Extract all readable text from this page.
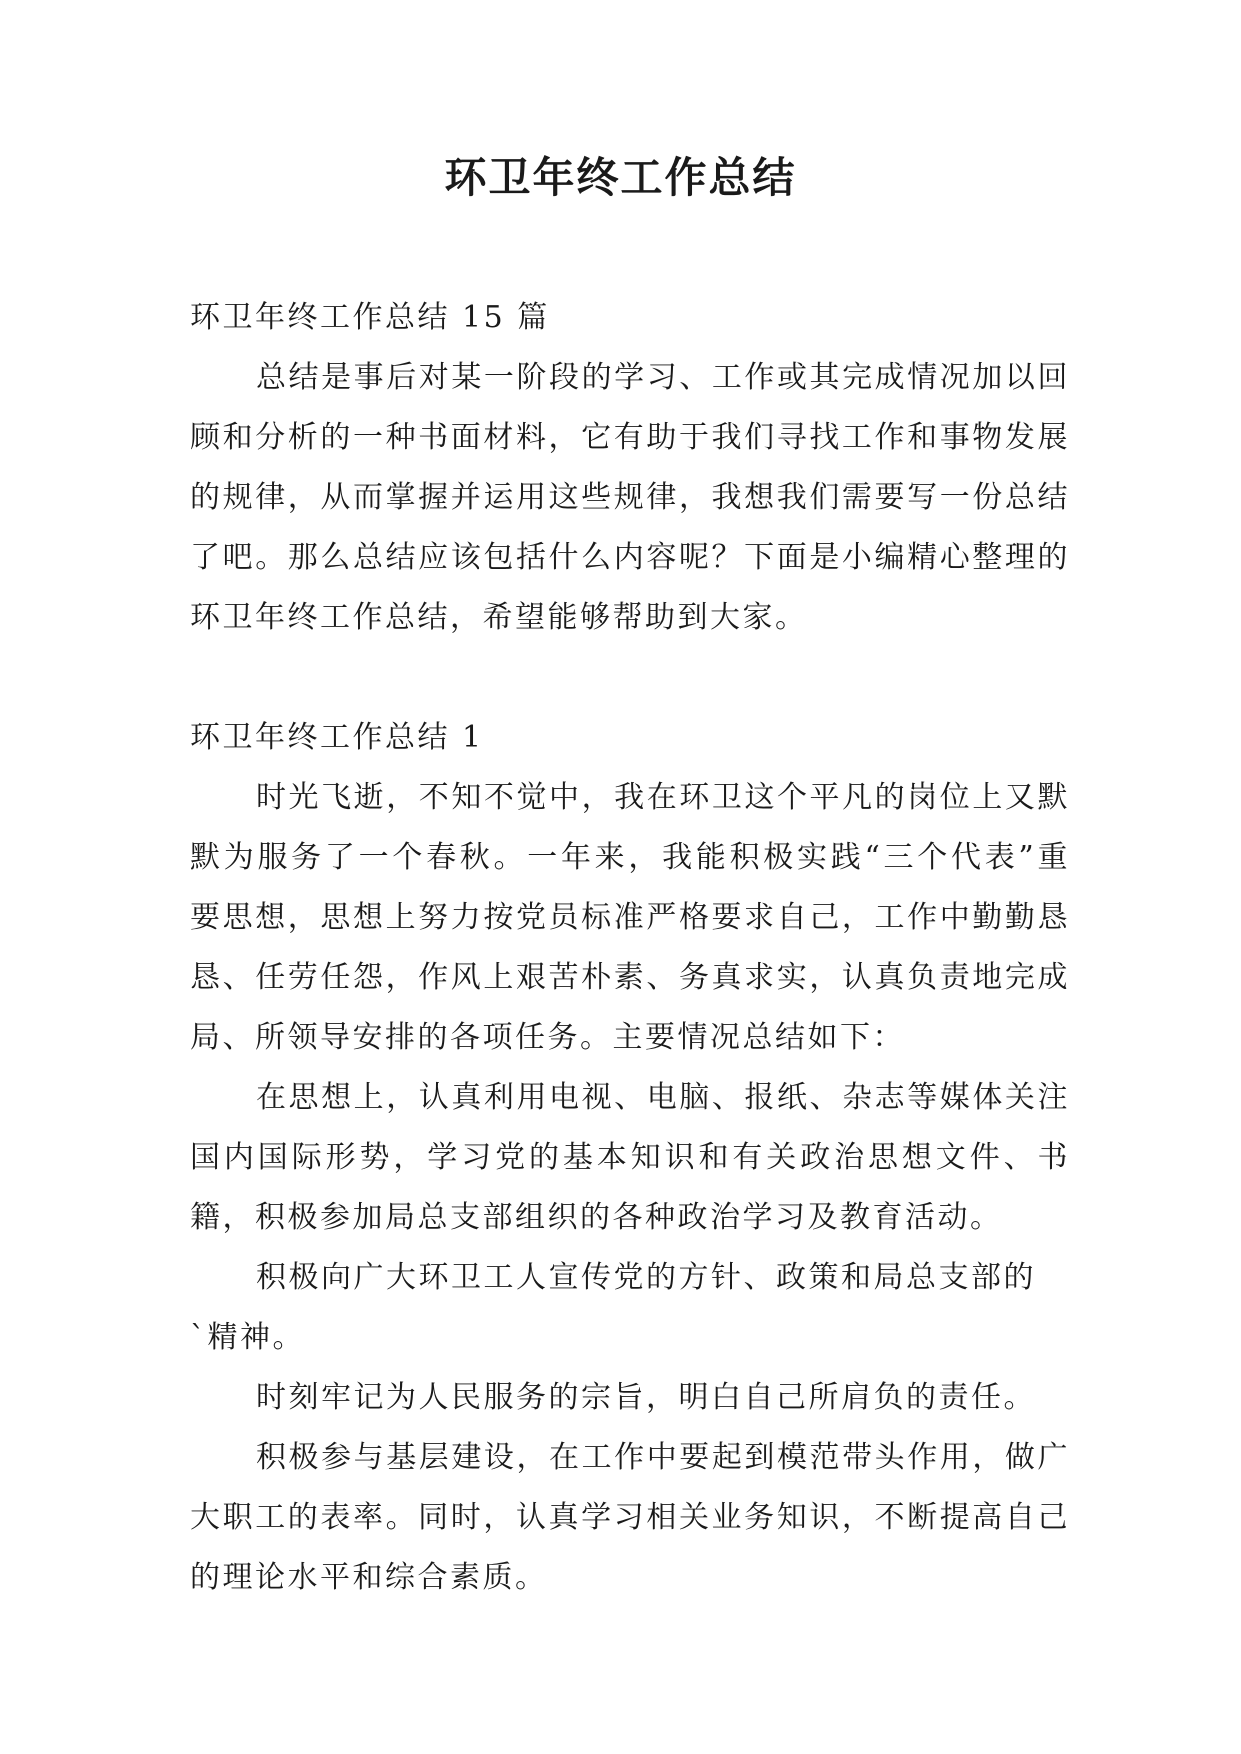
环卫年终工作总结

环卫年终工作总结 15 篇

总结是事后对某一阶段的学习、工作或其完成情况加以回顾和分析的一种书面材料，它有助于我们寻找工作和事物发展的规律，从而掌握并运用这些规律，我想我们需要写一份总结了吧。那么总结应该包括什么内容呢？下面是小编精心整理的环卫年终工作总结，希望能够帮助到大家。

环卫年终工作总结 1

时光飞逝，不知不觉中，我在环卫这个平凡的岗位上又默默为服务了一个春秋。一年来，我能积极实践“三个代表”重要思想，思想上努力按党员标准严格要求自己，工作中勤勤恳恳、任劳任怨，作风上艰苦朴素、务真求实，认真负责地完成局、所领导安排的各项任务。主要情况总结如下：

在思想上，认真利用电视、电脑、报纸、杂志等媒体关注国内国际形势，学习党的基本知识和有关政治思想文件、书籍，积极参加局总支部组织的各种政治学习及教育活动。

积极向广大环卫工人宣传党的方针、政策和局总支部的

`精神。

时刻牢记为人民服务的宗旨，明白自己所肩负的责任。

积极参与基层建设，在工作中要起到模范带头作用，做广大职工的表率。同时，认真学习相关业务知识，不断提高自己的理论水平和综合素质。
